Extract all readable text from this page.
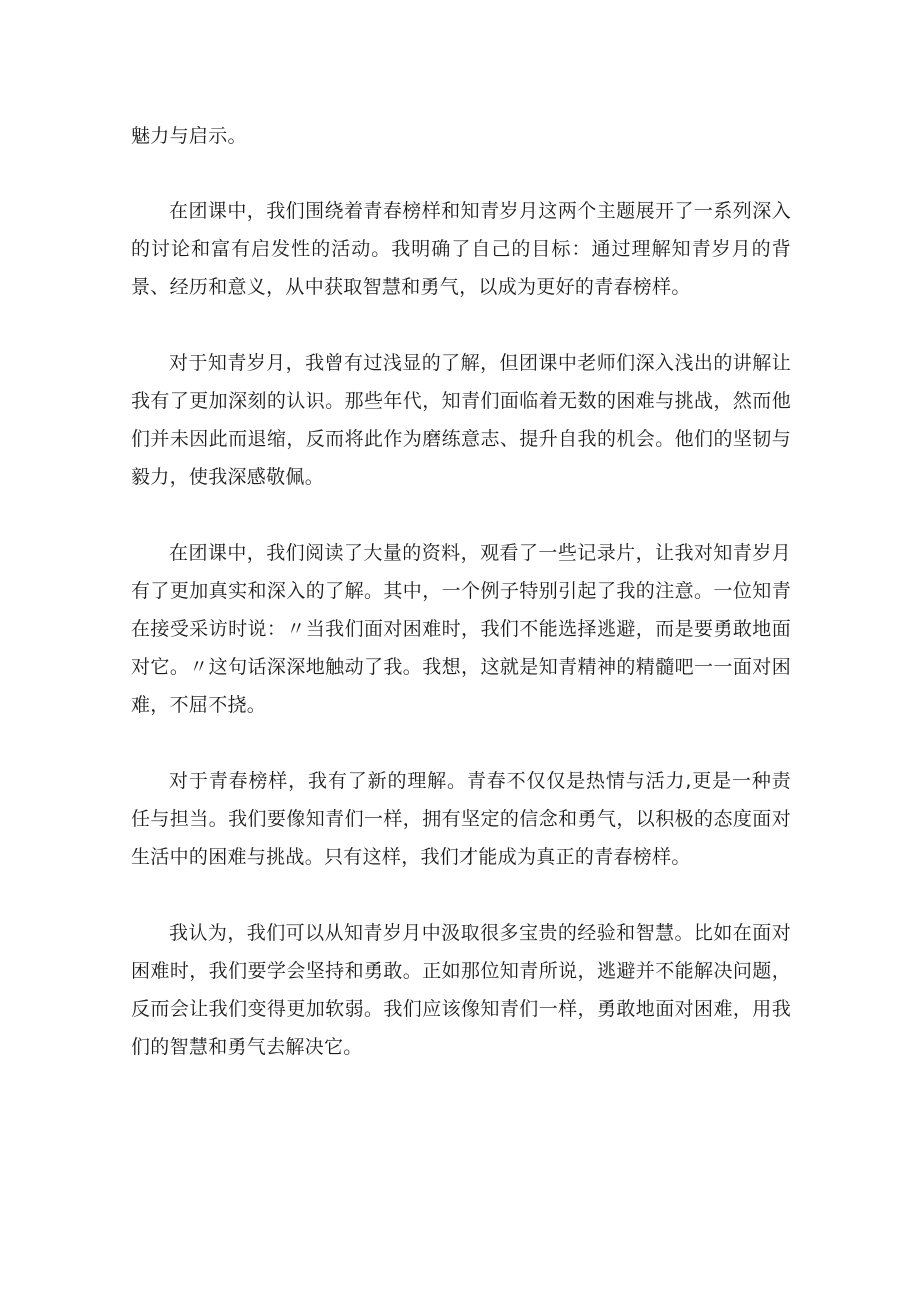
魅力与启示。

在团课中，我们围绕着青春榜样和知青岁月这两个主题展开了一系列深入的讨论和富有启发性的活动。我明确了自己的目标：通过理解知青岁月的背景、经历和意义，从中获取智慧和勇气，以成为更好的青春榜样。

对于知青岁月，我曾有过浅显的了解，但团课中老师们深入浅出的讲解让我有了更加深刻的认识。那些年代，知青们面临着无数的困难与挑战，然而他们并未因此而退缩，反而将此作为磨练意志、提升自我的机会。他们的坚韧与毅力，使我深感敬佩。

在团课中，我们阅读了大量的资料，观看了一些记录片，让我对知青岁月有了更加真实和深入的了解。其中，一个例子特别引起了我的注意。一位知青在接受采访时说：〃当我们面对困难时，我们不能选择逃避，而是要勇敢地面对它。〃这句话深深地触动了我。我想，这就是知青精神的精髓吧一一面对困难，不屈不挠。

对于青春榜样，我有了新的理解。青春不仅仅是热情与活力,更是一种责任与担当。我们要像知青们一样，拥有坚定的信念和勇气，以积极的态度面对生活中的困难与挑战。只有这样，我们才能成为真正的青春榜样。

我认为，我们可以从知青岁月中汲取很多宝贵的经验和智慧。比如在面对困难时，我们要学会坚持和勇敢。正如那位知青所说，逃避并不能解决问题，反而会让我们变得更加软弱。我们应该像知青们一样，勇敢地面对困难，用我们的智慧和勇气去解决它。
